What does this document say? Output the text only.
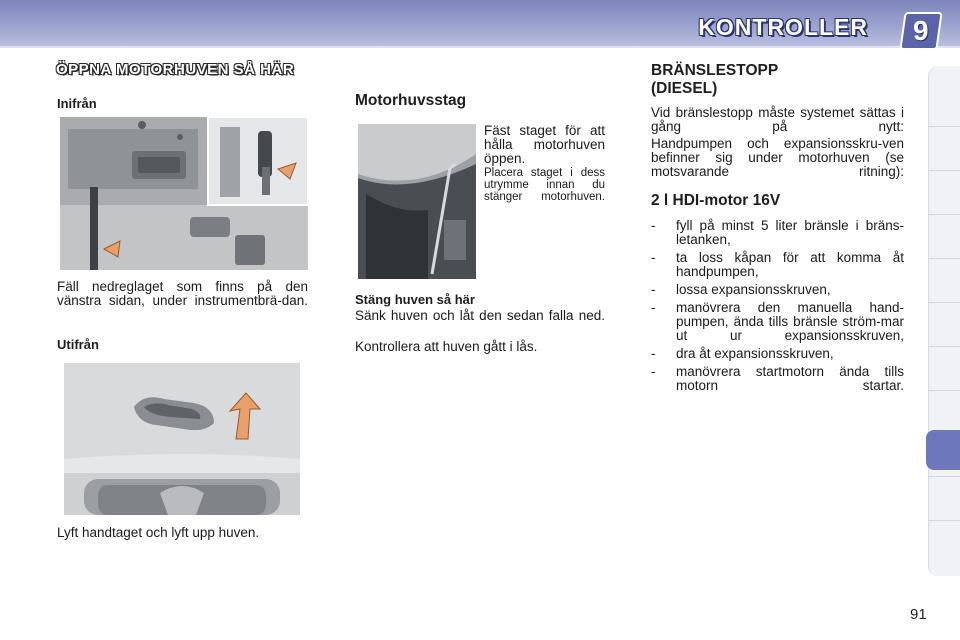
KONTROLLER 9
ÖPPNA MOTORHUVEN SÅ HÄR
Inifrån

Fäll nedreglaget som finns på den vänstra sidan, under instrumentbrä-dan.

Utifrån

Lyft handtaget och lyft upp huven.

Motorhuvsstag

Fäst staget för att hålla motorhuven öppen.

Placera staget i dess utrymme innan du stänger motorhuven.

Stäng huven så här

Sänk huven och låt den sedan falla ned.

Kontrollera att huven gått i lås.

BRÄNSLESTOPP
(DIESEL)

Vid bränslestopp måste systemet sättas i gång på nytt:

Handpumpen och expansionsskru-ven befinner sig under motorhuven (se motsvarande ritning):

2 l HDI-motor 16V
- fyll på minst 5 liter bränsle i bräns-letanken,
- ta loss kåpan för att komma åt handpumpen,
- lossa expansionsskruven,
- manövrera den manuella hand-pumpen, ända tills bränsle ström-mar ut ur expansionsskruven,
- dra åt expansionsskruven,
- manövrera startmotorn ända tills motorn startar.
91
